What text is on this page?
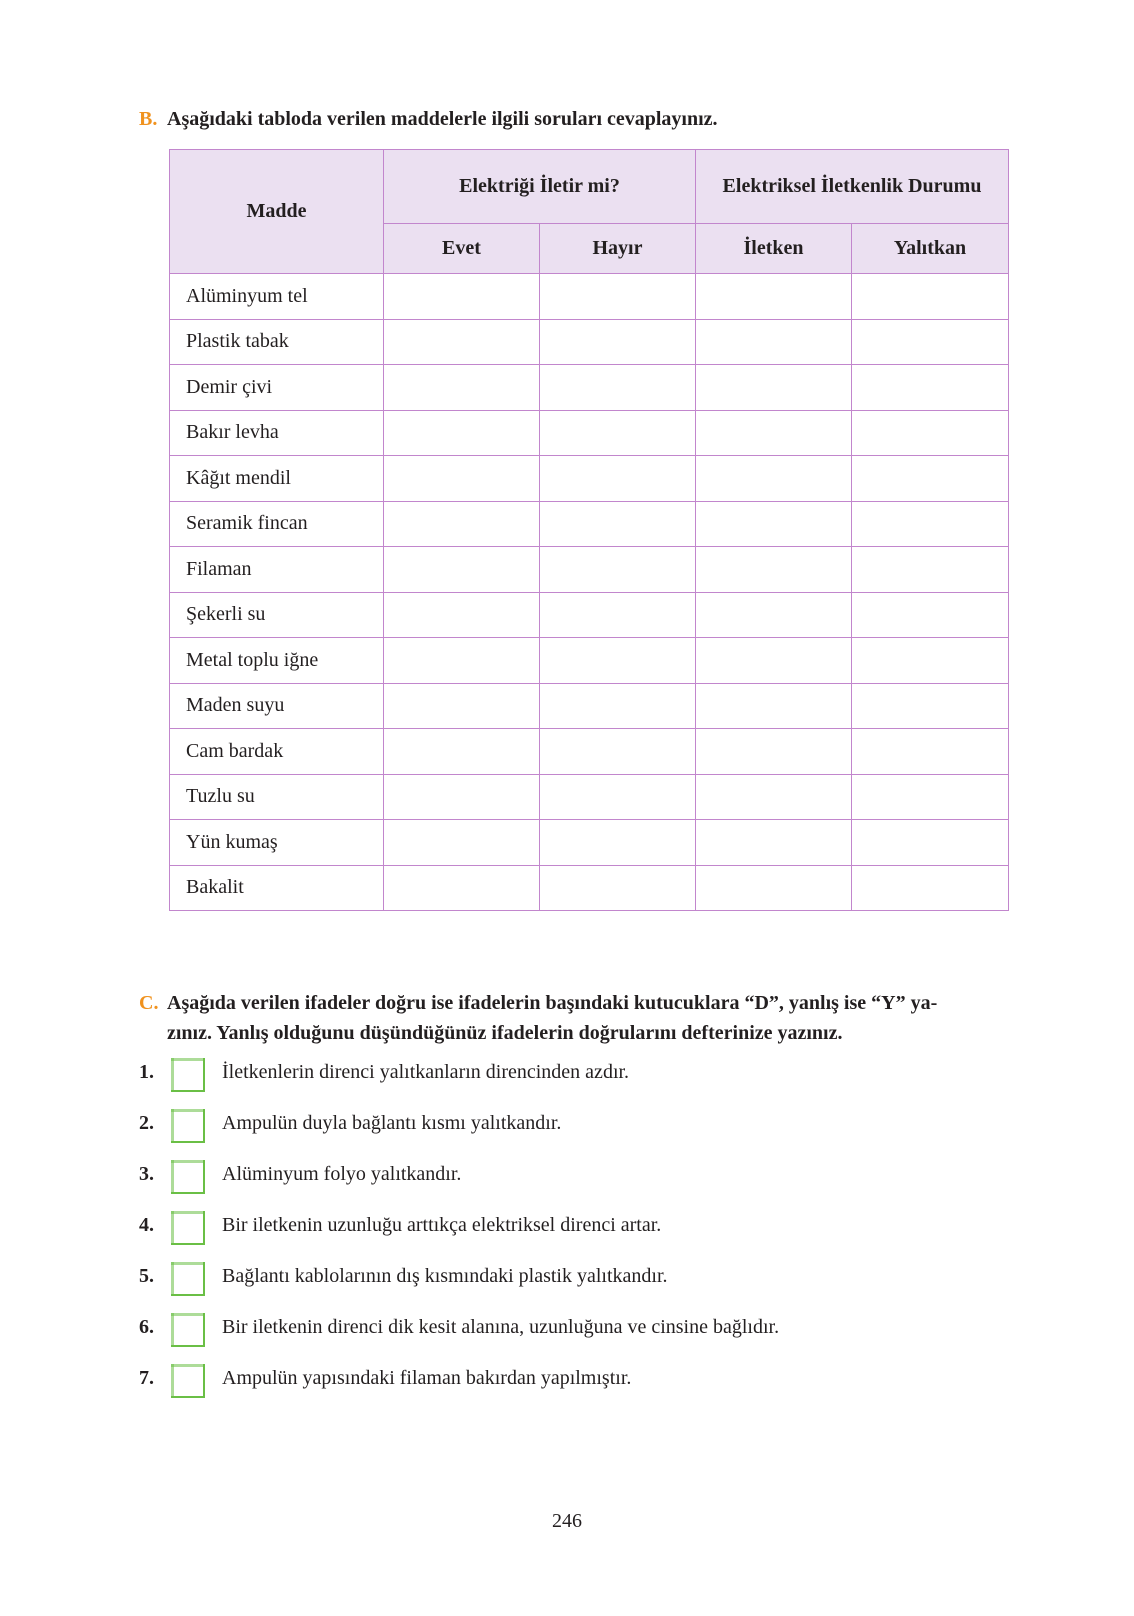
B. Aşağıdaki tabloda verilen maddelerle ilgili soruları cevaplayınız.
Madde	Elektriği İletir mi?		Elektriksel İletkenlik Durumu	
	Evet	Hayır	İletken	Yalıtkan
Alüminyum tel				
Plastik tabak				
Demir çivi				
Bakır levha				
Kâğıt mendil				
Seramik fincan				
Filaman				
Şekerli su				
Metal toplu iğne				
Maden suyu				
Cam bardak				
Tuzlu su				
Yün kumaş				
Bakalit				
C. Aşağıda verilen ifadeler doğru ise ifadelerin başındaki kutucuklara “D”, yanlış ise “Y” ya-
zınız. Yanlış olduğunu düşündüğünüz ifadelerin doğrularını defterinize yazınız.
1.	İletkenlerin direnci yalıtkanların direncinden azdır.
2.	Ampulün duyla bağlantı kısmı yalıtkandır.
3.	Alüminyum folyo yalıtkandır.
4.	Bir iletkenin uzunluğu arttıkça elektriksel direnci artar.
5.	Bağlantı kablolarının dış kısmındaki plastik yalıtkandır.
6.	Bir iletkenin direnci dik kesit alanına, uzunluğuna ve cinsine bağlıdır.
7.	Ampulün yapısındaki filaman bakırdan yapılmıştır.
246
